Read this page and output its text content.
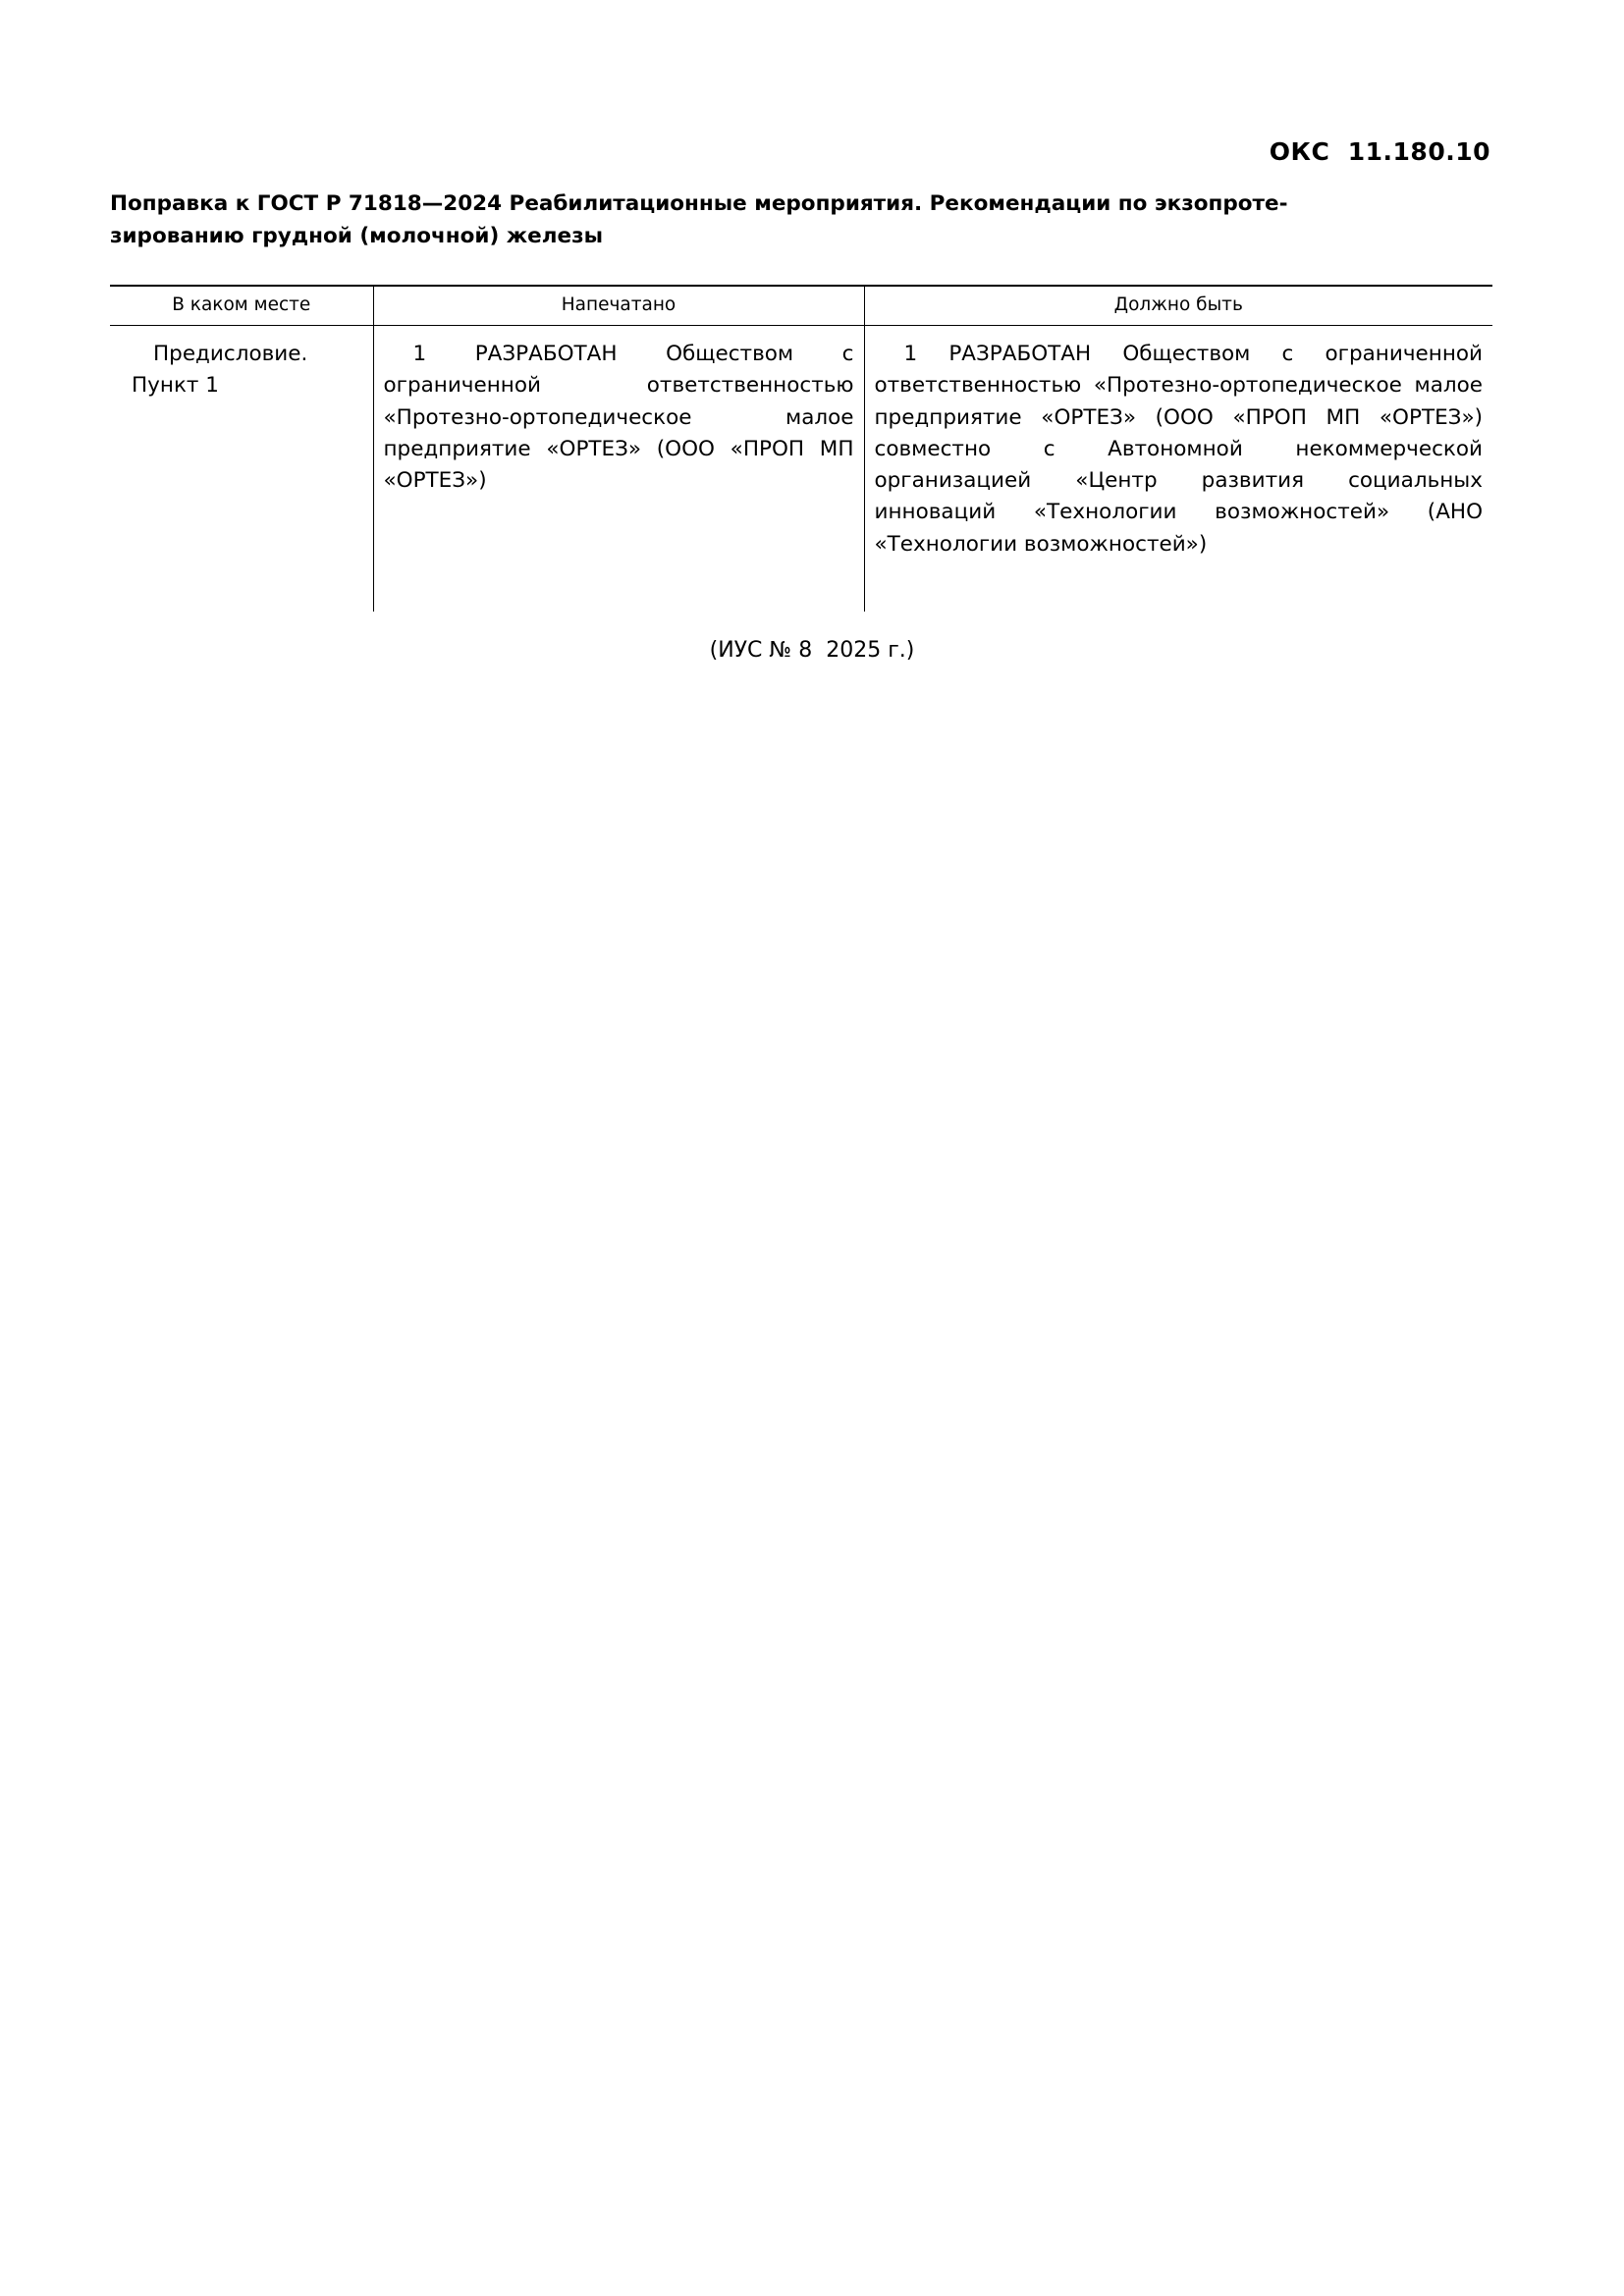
ОКС  11.180.10
Поправка к ГОСТ Р 71818—2024 Реабилитационные мероприятия. Рекомендации по экзопроте-
зированию грудной (молочной) железы
В каком месте	Напечатано	Должно быть

Предисловие.
Пункт 1	1 РАЗРАБОТАН Обществом с ограниченной ответственностью «Протезно-ортопедическое малое предприятие «ОРТЕЗ» (ООО «ПРОП МП «ОРТЕЗ»)	1 РАЗРАБОТАН Обществом с ограниченной ответственностью «Протезно-ортопедическое малое предприятие «ОРТЕЗ» (ООО «ПРОП МП «ОРТЕЗ») совместно с Автономной некоммерческой организацией «Центр развития социальных инноваций «Технологии возможностей» (АНО «Технологии возможностей»)

(ИУС № 8  2025 г.)
